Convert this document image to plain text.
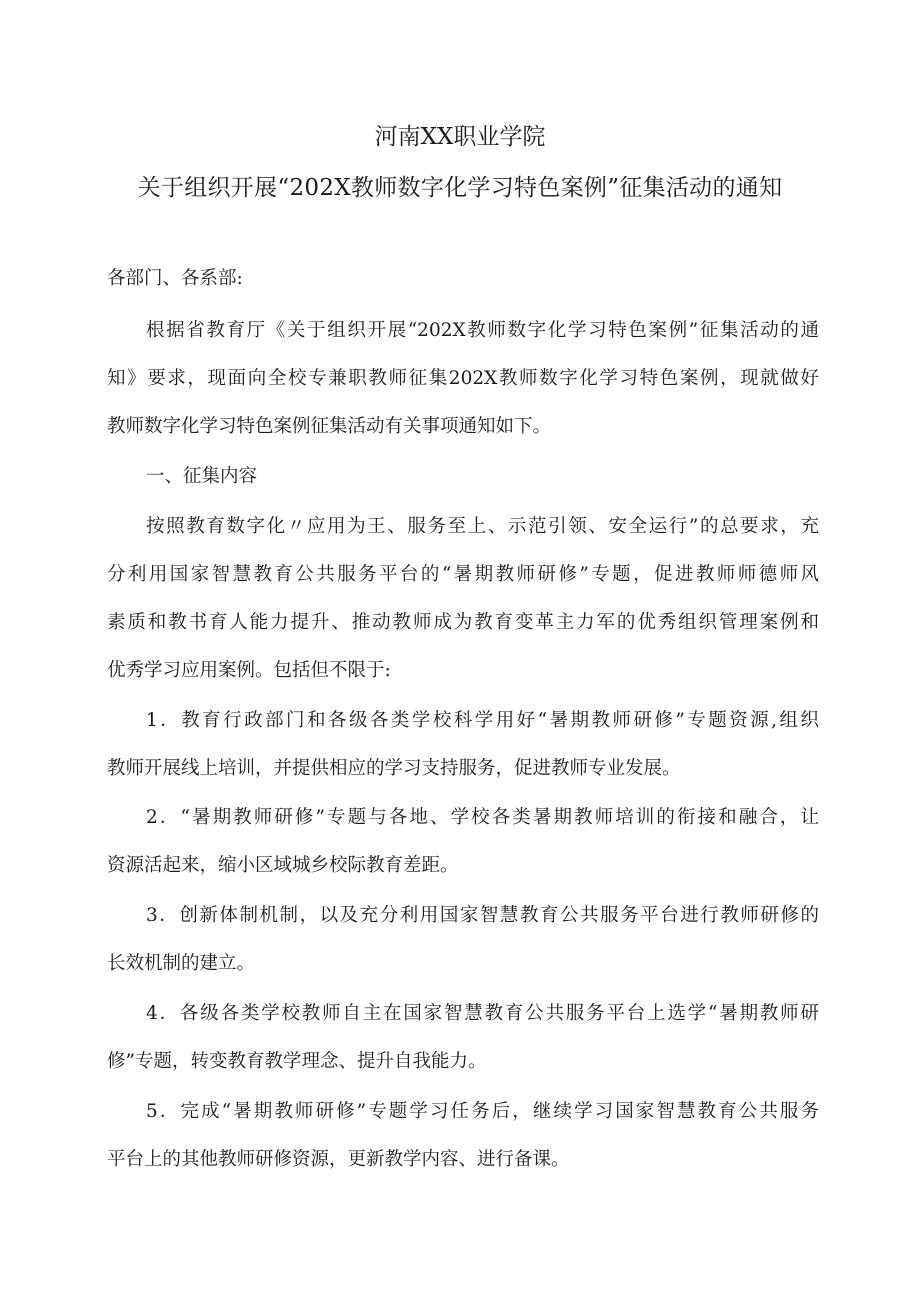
河南XX职业学院
关于组织开展“202X教师数字化学习特色案例”征集活动的通知
各部门、各系部:
根据省教育厅《关于组织开展“202X教师数字化学习特色案例”征集活动的通
知》要求，现面向全校专兼职教师征集202X教师数字化学习特色案例，现就做好
教师数字化学习特色案例征集活动有关事项通知如下。
一、征集内容
按照教育数字化〃应用为王、服务至上、示范引领、安全运行”的总要求，充
分利用国家智慧教育公共服务平台的“暑期教师研修”专题，促进教师师德师风
素质和教书育人能力提升、推动教师成为教育变革主力军的优秀组织管理案例和
优秀学习应用案例。包括但不限于:
1．教育行政部门和各级各类学校科学用好“暑期教师研修”专题资源,组织
教师开展线上培训，并提供相应的学习支持服务，促进教师专业发展。
2．“暑期教师研修”专题与各地、学校各类暑期教师培训的衔接和融合，让
资源活起来，缩小区域城乡校际教育差距。
3．创新体制机制，以及充分利用国家智慧教育公共服务平台进行教师研修的
长效机制的建立。
4．各级各类学校教师自主在国家智慧教育公共服务平台上选学“暑期教师研
修”专题，转变教育教学理念、提升自我能力。
5．完成“暑期教师研修”专题学习任务后，继续学习国家智慧教育公共服务
平台上的其他教师研修资源，更新教学内容、进行备课。
